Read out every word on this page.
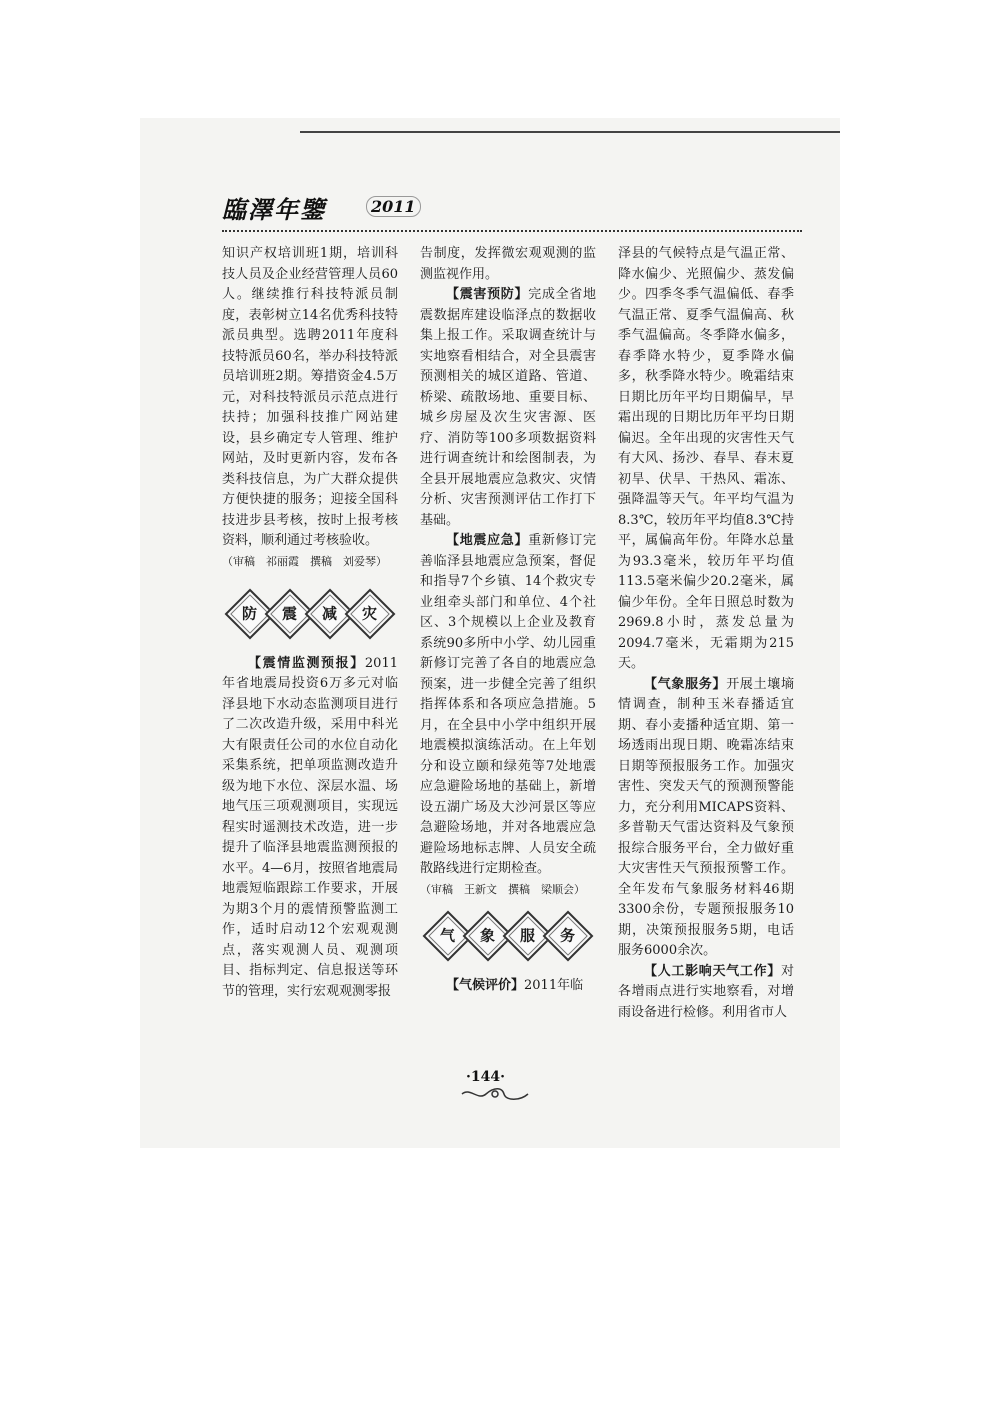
臨澤年鑒	2011

知识产权培训班1期，培训科技人员及企业经营管理人员60人。继续推行科技特派员制度，表彰树立14名优秀科技特派员典型。选聘2011年度科技特派员60名，举办科技特派员培训班2期。筹措资金4.5万元，对科技特派员示范点进行扶持；加强科技推广网站建设，县乡确定专人管理、维护网站，及时更新内容，发布各类科技信息，为广大群众提供方便快捷的服务；迎接全国科技进步县考核，按时上报考核资料，顺利通过考核验收。

（审稿　祁丽霞　撰稿　刘爱琴）

防 震 减 灾

【震情监测预报】2011年省地震局投资6万多元对临泽县地下水动态监测项目进行了二次改造升级，采用中科光大有限责任公司的水位自动化采集系统，把单项监测改造升级为地下水位、深层水温、场地气压三项观测项目，实现远程实时遥测技术改造，进一步提升了临泽县地震监测预报的水平。4—6月，按照省地震局地震短临跟踪工作要求，开展为期3个月的震情预警监测工作，适时启动12个宏观观测点，落实观测人员、观测项目、指标判定、信息报送等环节的管理，实行宏观观测零报

告制度，发挥微宏观观测的监测监视作用。

【震害预防】完成全省地震数据库建设临泽点的数据收集上报工作。采取调查统计与实地察看相结合，对全县震害预测相关的城区道路、管道、桥梁、疏散场地、重要目标、城乡房屋及次生灾害源、医疗、消防等100多项数据资料进行调查统计和绘图制表，为全县开展地震应急救灾、灾情分析、灾害预测评估工作打下基础。

【地震应急】重新修订完善临泽县地震应急预案，督促和指导7个乡镇、14个救灾专业组牵头部门和单位、4个社区、3个规模以上企业及教育系统90多所中小学、幼儿园重新修订完善了各自的地震应急预案，进一步健全完善了组织指挥体系和各项应急措施。5月，在全县中小学中组织开展地震模拟演练活动。在上年划分和设立颐和绿苑等7处地震应急避险场地的基础上，新增设五湖广场及大沙河景区等应急避险场地，并对各地震应急避险场地标志牌、人员安全疏散路线进行定期检查。

（审稿　王新文　撰稿　梁顺会）

气 象 服 务

【气候评价】2011年临

泽县的气候特点是气温正常、降水偏少、光照偏少、蒸发偏少。四季冬季气温偏低、春季气温正常、夏季气温偏高、秋季气温偏高。冬季降水偏多，春季降水特少，夏季降水偏多，秋季降水特少。晚霜结束日期比历年平均日期偏早，早霜出现的日期比历年平均日期偏迟。全年出现的灾害性天气有大风、扬沙、春旱、春末夏初旱、伏旱、干热风、霜冻、强降温等天气。年平均气温为8.3℃，较历年平均值8.3℃持平，属偏高年份。年降水总量为93.3毫米，较历年平均值113.5毫米偏少20.2毫米，属偏少年份。全年日照总时数为2969.8小时，蒸发总量为2094.7毫米，无霜期为215天。

【气象服务】开展土壤墒情调查，制种玉米春播适宜期、春小麦播种适宜期、第一场透雨出现日期、晚霜冻结束日期等预报服务工作。加强灾害性、突发天气的预测预警能力，充分利用MICAPS资料、多普勒天气雷达资料及气象预报综合服务平台，全力做好重大灾害性天气预报预警工作。全年发布气象服务材料46期3300余份，专题预报服务10期，决策预报服务5期，电话服务6000余次。

【人工影响天气工作】对各增雨点进行实地察看，对增雨设备进行检修。利用省市人

·144·
